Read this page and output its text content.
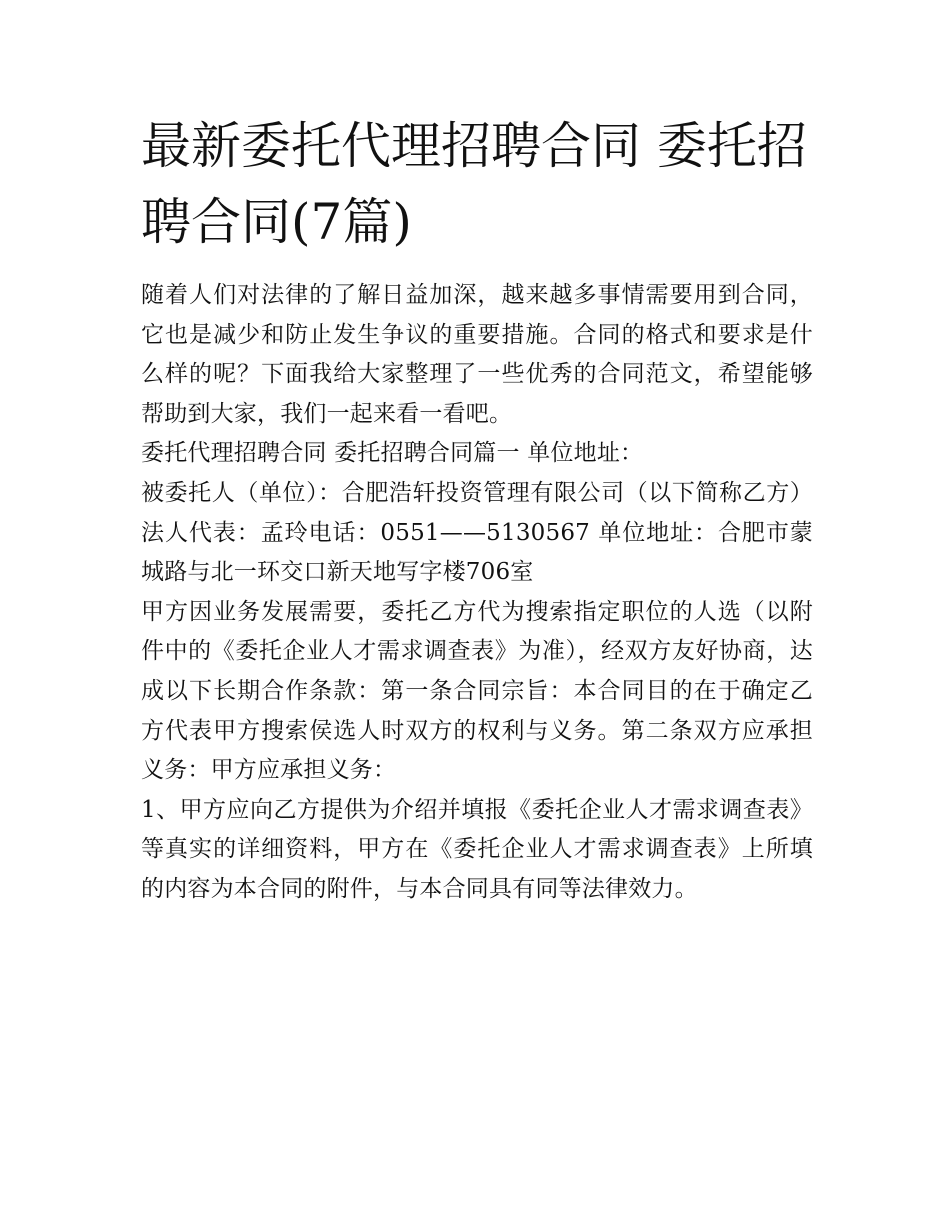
最新委托代理招聘合同 委托招聘合同(7篇)

随着人们对法律的了解日益加深，越来越多事情需要用到合同，它也是减少和防止发生争议的重要措施。合同的格式和要求是什么样的呢？下面我给大家整理了一些优秀的合同范文，希望能够帮助到大家，我们一起来看一看吧。

委托代理招聘合同 委托招聘合同篇一 单位地址：

被委托人（单位）：合肥浩轩投资管理有限公司（以下简称乙方）法人代表：孟玲电话：0551——5130567 单位地址：合肥市蒙城路与北一环交口新天地写字楼706室

甲方因业务发展需要，委托乙方代为搜索指定职位的人选（以附件中的《委托企业人才需求调查表》为准），经双方友好协商，达成以下长期合作条款：第一条合同宗旨：本合同目的在于确定乙方代表甲方搜索侯选人时双方的权利与义务。第二条双方应承担义务：甲方应承担义务：

1、甲方应向乙方提供为介绍并填报《委托企业人才需求调查表》等真实的详细资料，甲方在《委托企业人才需求调查表》上所填的内容为本合同的附件，与本合同具有同等法律效力。
